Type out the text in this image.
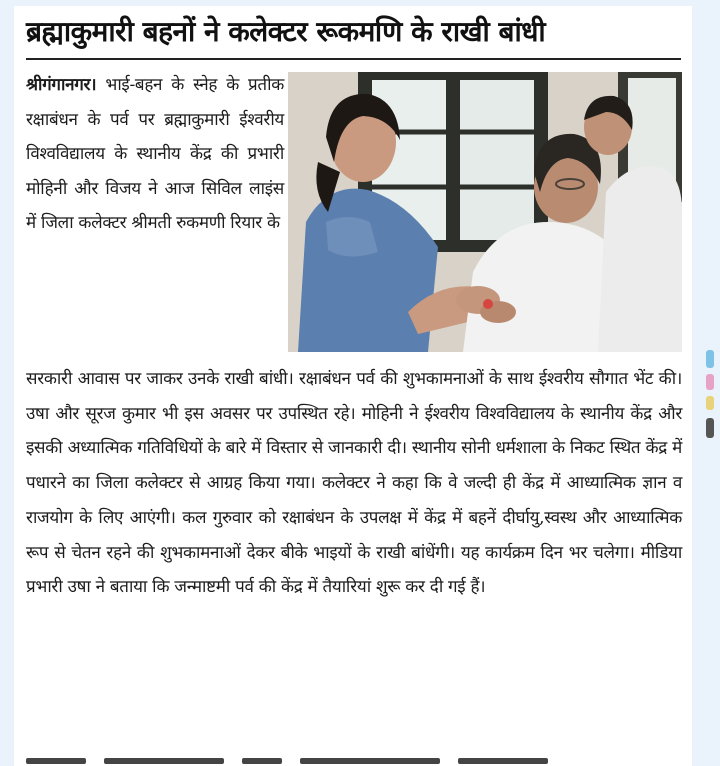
ब्रह्माकुमारी बहनों ने कलेक्टर रूकमणि के राखी बांधी
श्रीगंगानगर। भाई-बहन के स्नेह के प्रतीक रक्षाबंधन के पर्व पर ब्रह्माकुमारी ईश्वरीय विश्वविद्यालय के स्थानीय केंद्र की प्रभारी मोहिनी और विजय ने आज सिविल लाइंस में जिला कलेक्टर श्रीमती रुकमणी रियार के
सरकारी आवास पर जाकर उनके राखी बांधी। रक्षाबंधन पर्व की शुभकामनाओं के साथ ईश्वरीय सौगात भेंट की। उषा और सूरज कुमार भी इस अवसर पर उपस्थित रहे। मोहिनी ने ईश्वरीय विश्वविद्यालय के स्थानीय केंद्र और इसकी अध्यात्मिक गतिविधियों के बारे में विस्तार से जानकारी दी। स्थानीय सोनी धर्मशाला के निकट स्थित केंद्र में पधारने का जिला कलेक्टर से आग्रह किया गया। कलेक्टर ने कहा कि वे जल्दी ही केंद्र में आध्यात्मिक ज्ञान व राजयोग के लिए आएंगी। कल गुरुवार को रक्षाबंधन के उपलक्ष में केंद्र में बहनें दीर्घायु,स्वस्थ और आध्यात्मिक रूप से चेतन रहने की शुभकामनाओं देकर बीके भाइयों के राखी बांधेंगी। यह कार्यक्रम दिन भर चलेगा। मीडिया प्रभारी उषा ने बताया कि जन्माष्टमी पर्व की केंद्र में तैयारियां शुरू कर दी गई हैं।
